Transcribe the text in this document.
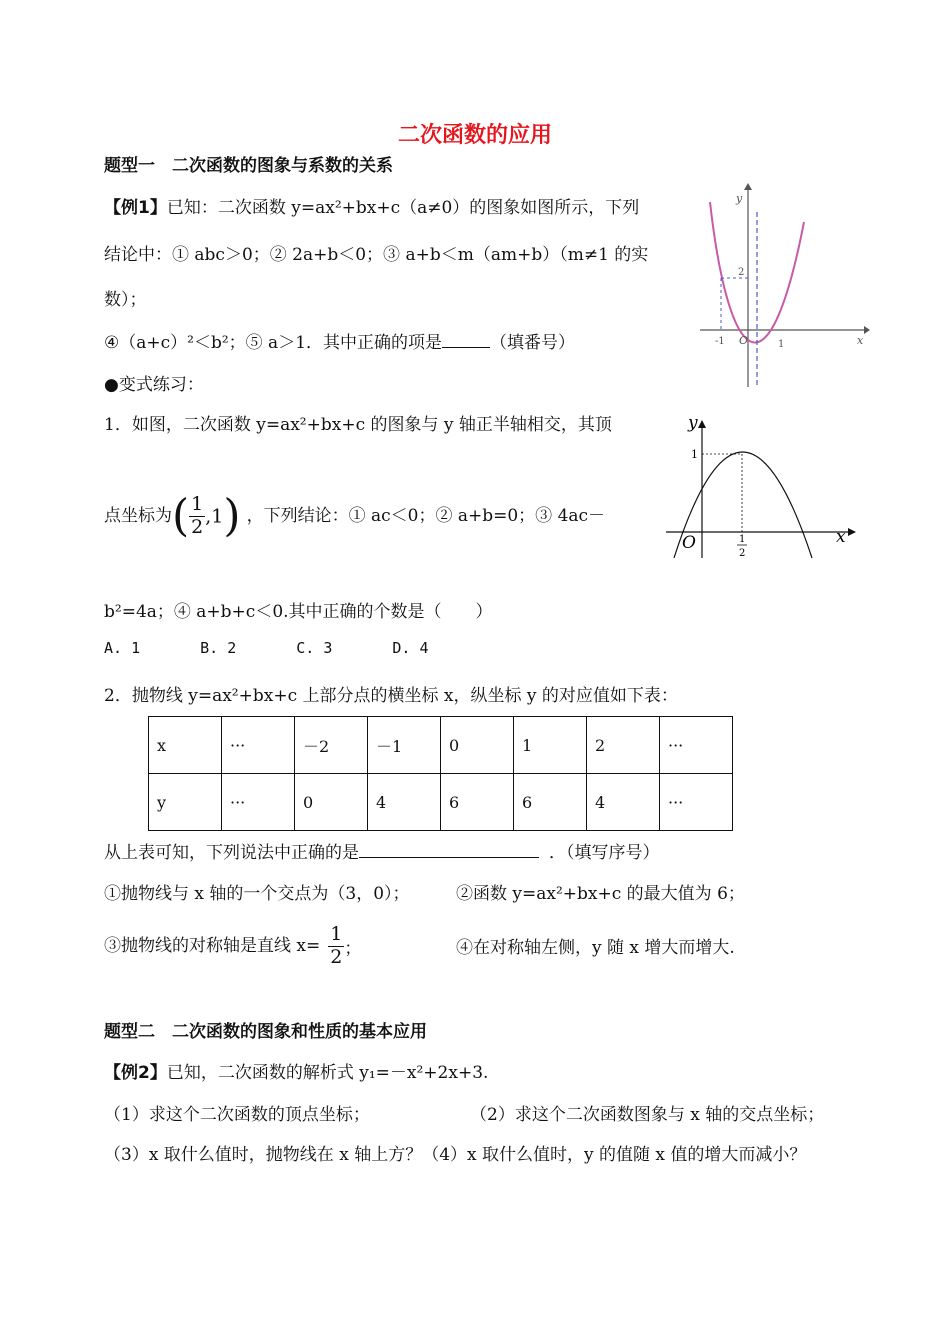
二次函数的应用
题型一　二次函数的图象与系数的关系
【例1】已知：二次函数 y=ax²+bx+c（a≠0）的图象如图所示，下列
结论中：① abc＞0；② 2a+b＜0；③ a+b＜m（am+b）（m≠1 的实
数）；
④（a+c）²＜b²；⑤ a＞1．其中正确的项是	（填番号）
y
x
O
2
-1	1
●变式练习：
1．如图，二次函数 y=ax²+bx+c 的图象与 y 轴正半轴相交，其顶
点坐标为( $\frac{1}{2} ,1$) ，下列结论：① ac＜0；② a+b=0；③ 4ac－
b²=4a；④ a+b+c＜0.其中正确的个数是（　　）
A. 1	B. 2	C. 3	D. 4
y
x
O
1
1
2
2．抛物线 y=ax²+bx+c 上部分点的横坐标 x，纵坐标 y 的对应值如下表：
x	···	－2	－1	0	1	2	···
y	···	0	4	6	6	4	···
从上表可知，下列说法中正确的是	．（填写序号）
①抛物线与 x 轴的一个交点为（3，0）；	②函数 y=ax²+bx+c 的最大值为 6；
③抛物线的对称轴是直线 $x= \frac{1}{2}$ ；	④在对称轴左侧，y 随 x 增大而增大.
题型二　二次函数的图象和性质的基本应用
【例2】已知，二次函数的解析式 y₁=－x²+2x+3.
（1）求这个二次函数的顶点坐标；	（2）求这个二次函数图象与 x 轴的交点坐标；
（3）x 取什么值时，抛物线在 x 轴上方？（4）x 取什么值时，y 的值随 x 值的增大而减小？
